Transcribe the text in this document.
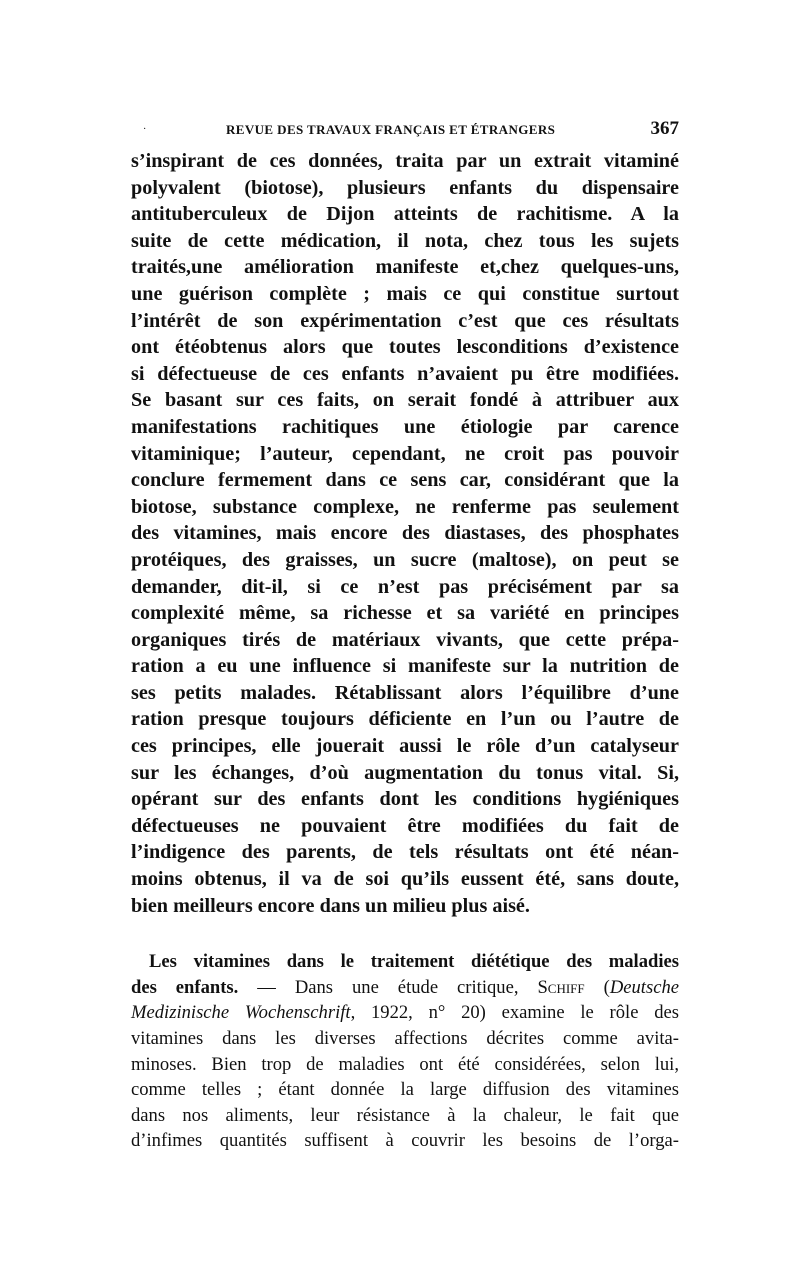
·	REVUE DES TRAVAUX FRANÇAIS ET ÉTRANGERS	367
s’inspirant de ces données, traita par un extrait vitaminé
polyvalent (biotose), plusieurs enfants du dispensaire
antituberculeux de Dijon atteints de rachitisme. A la
suite de cette médication, il nota, chez tous les sujets
traités,une amélioration manifeste et,chez quelques-uns,
une guérison complète ; mais ce qui constitue surtout
l’intérêt de son expérimentation c’est que ces résultats
ont étéobtenus alors que toutes lesconditions d’existence
si défectueuse de ces enfants n’avaient pu être modifiées.
Se basant sur ces faits, on serait fondé à attribuer aux
manifestations rachitiques une étiologie par carence
vitaminique; l’auteur, cependant, ne croit pas pouvoir
conclure fermement dans ce sens car, considérant que la
biotose, substance complexe, ne renferme pas seulement
des vitamines, mais encore des diastases, des phosphates
protéiques, des graisses, un sucre (maltose), on peut se
demander, dit-il, si ce n’est pas précisément par sa
complexité même, sa richesse et sa variété en principes
organiques tirés de matériaux vivants, que cette prépa-
ration a eu une influence si manifeste sur la nutrition de
ses petits malades. Rétablissant alors l’équilibre d’une
ration presque toujours déficiente en l’un ou l’autre de
ces principes, elle jouerait aussi le rôle d’un catalyseur
sur les échanges, d’où augmentation du tonus vital. Si,
opérant sur des enfants dont les conditions hygiéniques
défectueuses ne pouvaient être modifiées du fait de
l’indigence des parents, de tels résultats ont été néan-
moins obtenus, il va de soi qu’ils eussent été, sans doute,
bien meilleurs encore dans un milieu plus aisé.
Les vitamines dans le traitement diététique des maladies
des enfants. — Dans une étude critique, Schiff (Deutsche
Medizinische Wochenschrift, 1922, n° 20) examine le rôle des
vitamines dans les diverses affections décrites comme avita-
minoses. Bien trop de maladies ont été considérées, selon lui,
comme telles ; étant donnée la large diffusion des vitamines
dans nos aliments, leur résistance à la chaleur, le fait que
d’infimes quantités suffisent à couvrir les besoins de l’orga-
